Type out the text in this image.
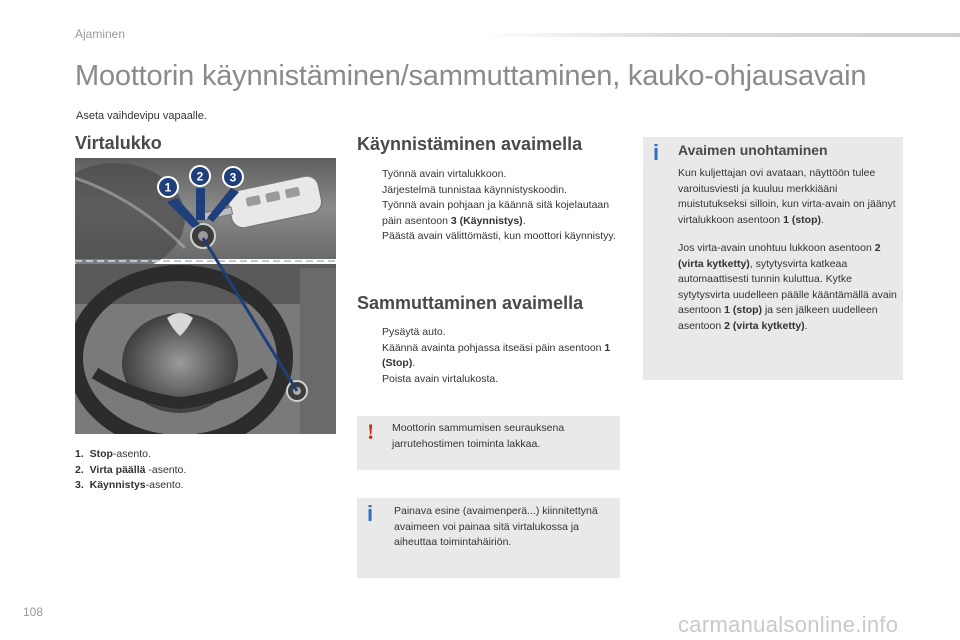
Ajaminen
Moottorin käynnistäminen/sammuttaminen, kauko-ohjausavain
Aseta vaihdevipu vapaalle.
Virtalukko
1
2 3
1. Stop-asento.
2. Virta päällä -asento.
3. Käynnistys-asento.
Käynnistäminen avaimella
Työnnä avain virtalukkoon.
Järjestelmä tunnistaa käynnistyskoodin.
Työnnä avain pohjaan ja käännä sitä kojelautaan päin asentoon 3 (Käynnistys).
Päästä avain välittömästi, kun moottori käynnistyy.
Sammuttaminen avaimella
Pysäytä auto.
Käännä avainta pohjassa itseäsi päin asentoon 1 (Stop).
Poista avain virtalukosta.
! Moottorin sammumisen seurauksena jarrutehostimen toiminta lakkaa.
i Painava esine (avaimenperä...) kiinnitettynä avaimeen voi painaa sitä virtalukossa ja aiheuttaa toimintahäiriön.
i Avaimen unohtaminen
Kun kuljettajan ovi avataan, näyttöön tulee varoitusviesti ja kuuluu merkkiääni muistutukseksi silloin, kun virta-avain on jäänyt virtalukkoon asentoon 1 (stop).
Jos virta-avain unohtuu lukkoon asentoon 2 (virta kytketty), sytytysvirta katkeaa automaattisesti tunnin kuluttua. Kytke sytytysvirta uudelleen päälle kääntämällä avain asentoon 1 (stop) ja sen jälkeen uudelleen asentoon 2 (virta kytketty).
108	carmanualsonline.info
